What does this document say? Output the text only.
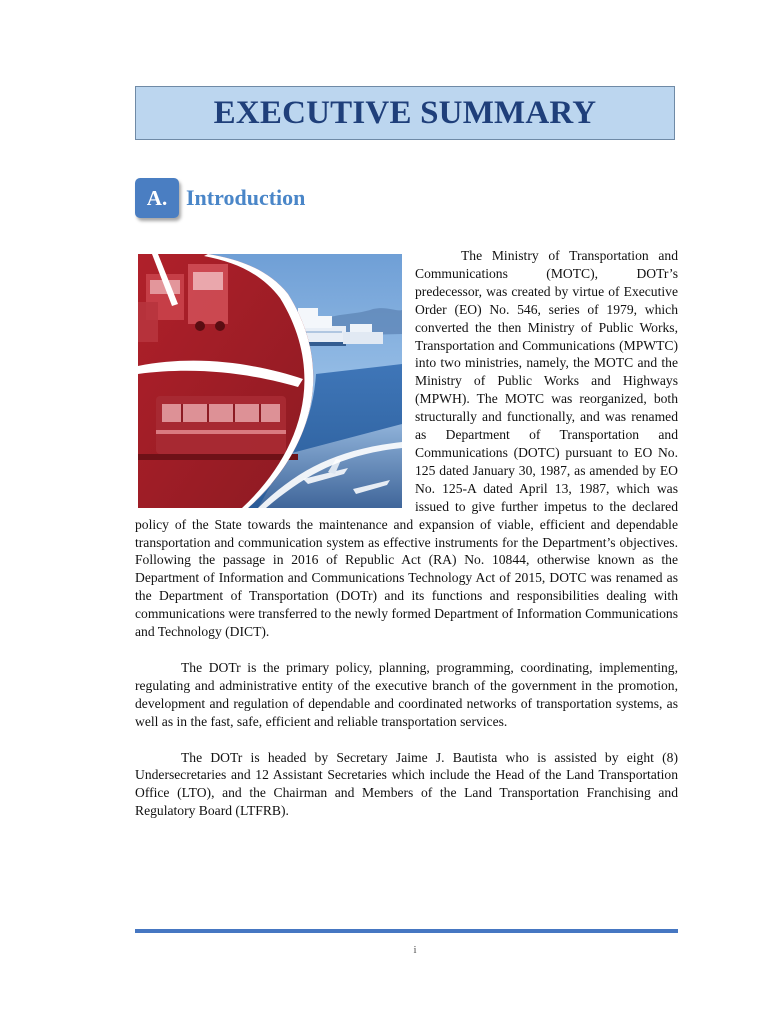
EXECUTIVE SUMMARY
A. Introduction

The Ministry of Transportation and Communications (MOTC), DOTr’s predecessor, was created by virtue of Executive Order (EO) No. 546, series of 1979, which converted the then Ministry of Public Works, Transportation and Communications (MPWTC) into two ministries, namely, the MOTC and the Ministry of Public Works and Highways (MPWH). The MOTC was reorganized, both structurally and functionally, and was renamed as Department of Transportation and Communications (DOTC) pursuant to EO No. 125 dated January 30, 1987, as amended by EO No. 125-A dated April 13, 1987, which was issued to give further impetus to the declared policy of the State towards the maintenance and expansion of viable, efficient and dependable transportation and communication system as effective instruments for the Department’s objectives. Following the passage in 2016 of Republic Act (RA) No. 10844, otherwise known as the Department of Information and Communications Technology Act of 2015, DOTC was renamed as the Department of Transportation (DOTr) and its functions and responsibilities dealing with communications were transferred to the newly formed Department of Information Communications and Technology (DICT).

The DOTr is the primary policy, planning, programming, coordinating, implementing, regulating and administrative entity of the executive branch of the government in the promotion, development and regulation of dependable and coordinated networks of transportation systems, as well as in the fast, safe, efficient and reliable transportation services.

The DOTr is headed by Secretary Jaime J. Bautista who is assisted by eight (8) Undersecretaries and 12 Assistant Secretaries which include the Head of the Land Transportation Office (LTO), and the Chairman and Members of the Land Transportation Franchising and Regulatory Board (LTFRB).

i
